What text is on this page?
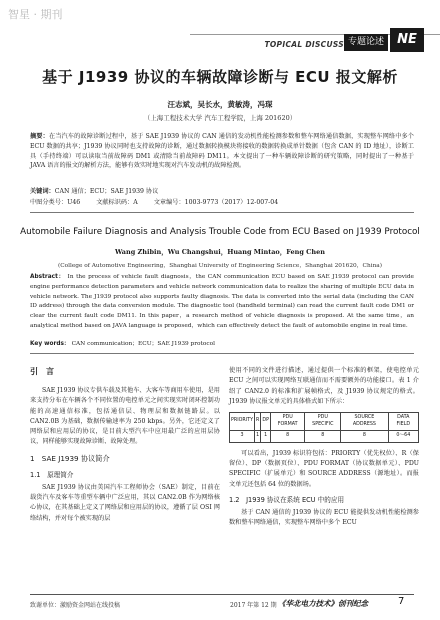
智星 · 期刊
TOPICAL DISCUSS 专题论述	NE
基于 J1939 协议的车辆故障诊断与 ECU 报文解析
汪志斌，吴长水，黄敏涛，冯琛
（上海工程技术大学 汽车工程学院，上海 201620）
摘要：在当汽车的故障诊断过程中，基于 SAE J1939 协议的 CAN 通信的发动机性能检测参数和整车网络通信数据，实现整车网络中多个 ECU 数据的共享；J1939 协议同时也支持故障的诊断，通过数据转换模块将接收的数据转换成单针数据（包含 CAN 的 ID 地址），诊断工具（手持终端）可以读取当前故障码 DM1 或清除当前故障码 DM11。本文提出了一种车辆故障诊断的研究策略，同时提出了一种基于 JAVA 语言的报文的解析方法，能够有效实时地实现对汽车发动机的故障检测。
关键词：CAN 通信；ECU；SAE J1939 协议
中图分类号：U46	文献标识码：A	文章编号：1003-9773（2017）12-007-04
Automobile Failure Diagnosis and Analysis Trouble Code from ECU Based on J1939 Protocol
Wang Zhibin，Wu Changshui，Huang Mintao，Feng Chen
(College of Automotive Engineering，Shanghai University of Engineering Science，Shanghai 201620，China)
Abstract： In the process of vehicle fault diagnosis，the CAN communication ECU based on SAE J1939 protocol can provide engine performance detection parameters and vehicle network communication data to realize the sharing of multiple ECU data in vehicle network. The J1939 protocol also supports faulty diagnosis. The data is converted into the serial data (including the CAN ID address) through the data conversion module. The diagnostic tool (handheld terminal) can read the current fault code DM1 or clear the current fault code DM11. In this paper，a research method of vehicle diagnosis is proposed. At the same time，an analytical method based on JAVA language is proposed，which can effectively detect the fault of automobile engine in real time.
Key words： CAN communication；ECU；SAE J1939 protocol
引　言
SAE J1939 协议专供车载及其他车、大客车等商用车使用，是用来支持分布在车辆各个不同位置的电控单元之间实现实时闭环控制功能的高速通信标准，包括通信层、物理层和数据链路层。以 CAN2.0B 为基础，数据传输速率为 250 kbps。另外，它还定义了网络层和应用层的协议，是目前大型汽车中应用最广泛的应用层协议，同样能够实现故障诊断、故障处理。
1　SAE J1939 协议简介
1.1　原理简介
SAE J1939 协议由美国汽车工程师协会（SAE）制定，目前在载货汽车及客车等重型车辆中广泛应用，其以 CAN2.0B 作为网络核心协议，在其基础上定义了网络层和应用层的协议，遵循了层 OSI 网络结构，并对每个被实现的层
使用不同的文件进行描述，通过提供一个标准的框架，使电控单元 ECU 之间可以实现网络互联通信而不需要额外的功能接口。表 1 介绍了 CAN2.0 的标准和扩展帧格式，及 J1939 协议规定的格式。J1939 协议报文单元的具体格式如下所示：
PRIORITY	R	DP	PDU FORMAT	PDU SPECIFIC	SOURCE ADDRESS	DATA FIELD
3	1	1	8	8	8	0～64
可以看出，J1939 标识符包括：PRIORTY（优先权位）、R（保留位）、DP（数据页位）、PDU FORMAT（协议数据单元）、PDU SPECIFIC（扩展单元）和 SOURCE ADDRESS（源地址）。而报文单元还包括 64 位的数据场。
1.2　J1939 协议在系统 ECU 中的应用
基于 CAN 通信的 J1939 协议的 ECU 能提供发动机性能检测参数和整车网络通信，实现整车网络中多个 ECU
致谢单位：激励资金网站在线投稿	2017 年第 12 期 《华北电力技术》创刊纪念	7
